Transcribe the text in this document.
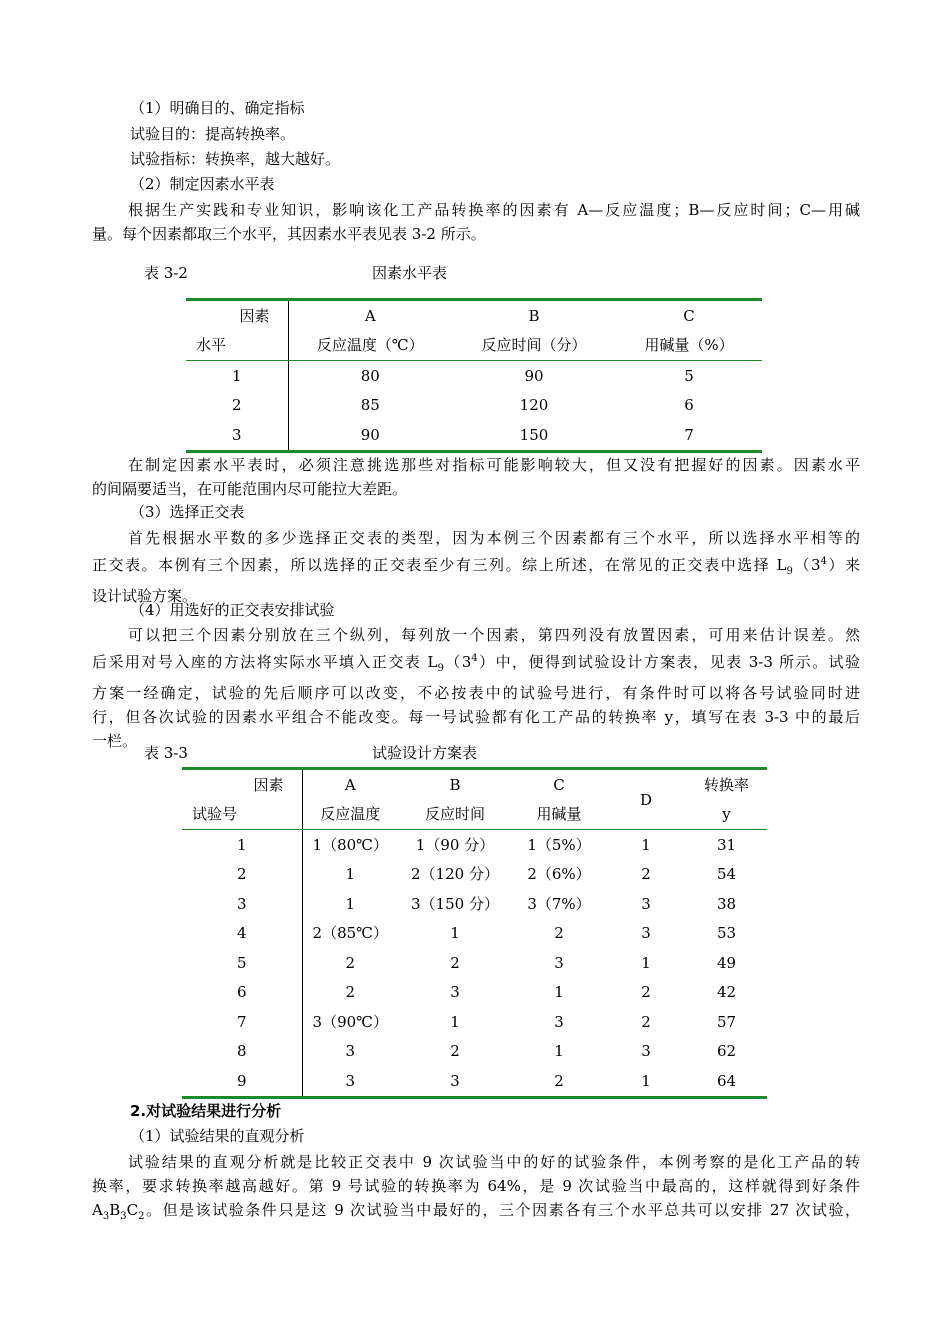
（1）明确目的、确定指标
试验目的：提高转换率。
试验指标：转换率，越大越好。
（2）制定因素水平表
根据生产实践和专业知识，影响该化工产品转换率的因素有 A—反应温度；B—反应时间；C—用碱
量。每个因素都取三个水平，其因素水平表见表 3-2 所示。
表 3-2	因素水平表
因素	A	B	C
水平	反应温度（℃）	反应时间（分）	用碱量（%）
1	80	90	5
2	85	120	6
3	90	150	7
在制定因素水平表时，必须注意挑选那些对指标可能影响较大，但又没有把握好的因素。因素水平
的间隔要适当，在可能范围内尽可能拉大差距。
（3）选择正交表
首先根据水平数的多少选择正交表的类型，因为本例三个因素都有三个水平，所以选择水平相等的
正交表。本例有三个因素，所以选择的正交表至少有三列。综上所述，在常见的正交表中选择 $L_9(3^4)$来
设计试验方案。
（4）用选好的正交表安排试验
可以把三个因素分别放在三个纵列，每列放一个因素，第四列没有放置因素，可用来估计误差。然
后采用对号入座的方法将实际水平填入正交表 $L_9(3^4)$中，便得到试验设计方案表，见表 3-3 所示。试验
方案一经确定，试验的先后顺序可以改变，不必按表中的试验号进行，有条件时可以将各号试验同时进
行，但各次试验的因素水平组合不能改变。每一号试验都有化工产品的转换率 y，填写在表 3-3 中的最后
一栏。
表 3-3	试验设计方案表
因素	A	B	C	D	转换率
试验号	反应温度	反应时间	用碱量		y
1	1（80℃）	1（90 分）	1（5%）	1	31
2	1	2（120 分）	2（6%）	2	54
3	1	3（150 分）	3（7%）	3	38
4	2（85℃）	1	2	3	53
5	2	2	3	1	49
6	2	3	1	2	42
7	3（90℃）	1	3	2	57
8	3	2	1	3	62
9	3	3	2	1	64
2.对试验结果进行分析
（1）试验结果的直观分析
试验结果的直观分析就是比较正交表中 9 次试验当中的好的试验条件，本例考察的是化工产品的转
换率，要求转换率越高越好。第 9 号试验的转换率为 64%，是 9 次试验当中最高的，这样就得到好条件
$A_3B_3C_2$。但是该试验条件只是这 9 次试验当中最好的，三个因素各有三个水平总共可以安排 27 次试验，
